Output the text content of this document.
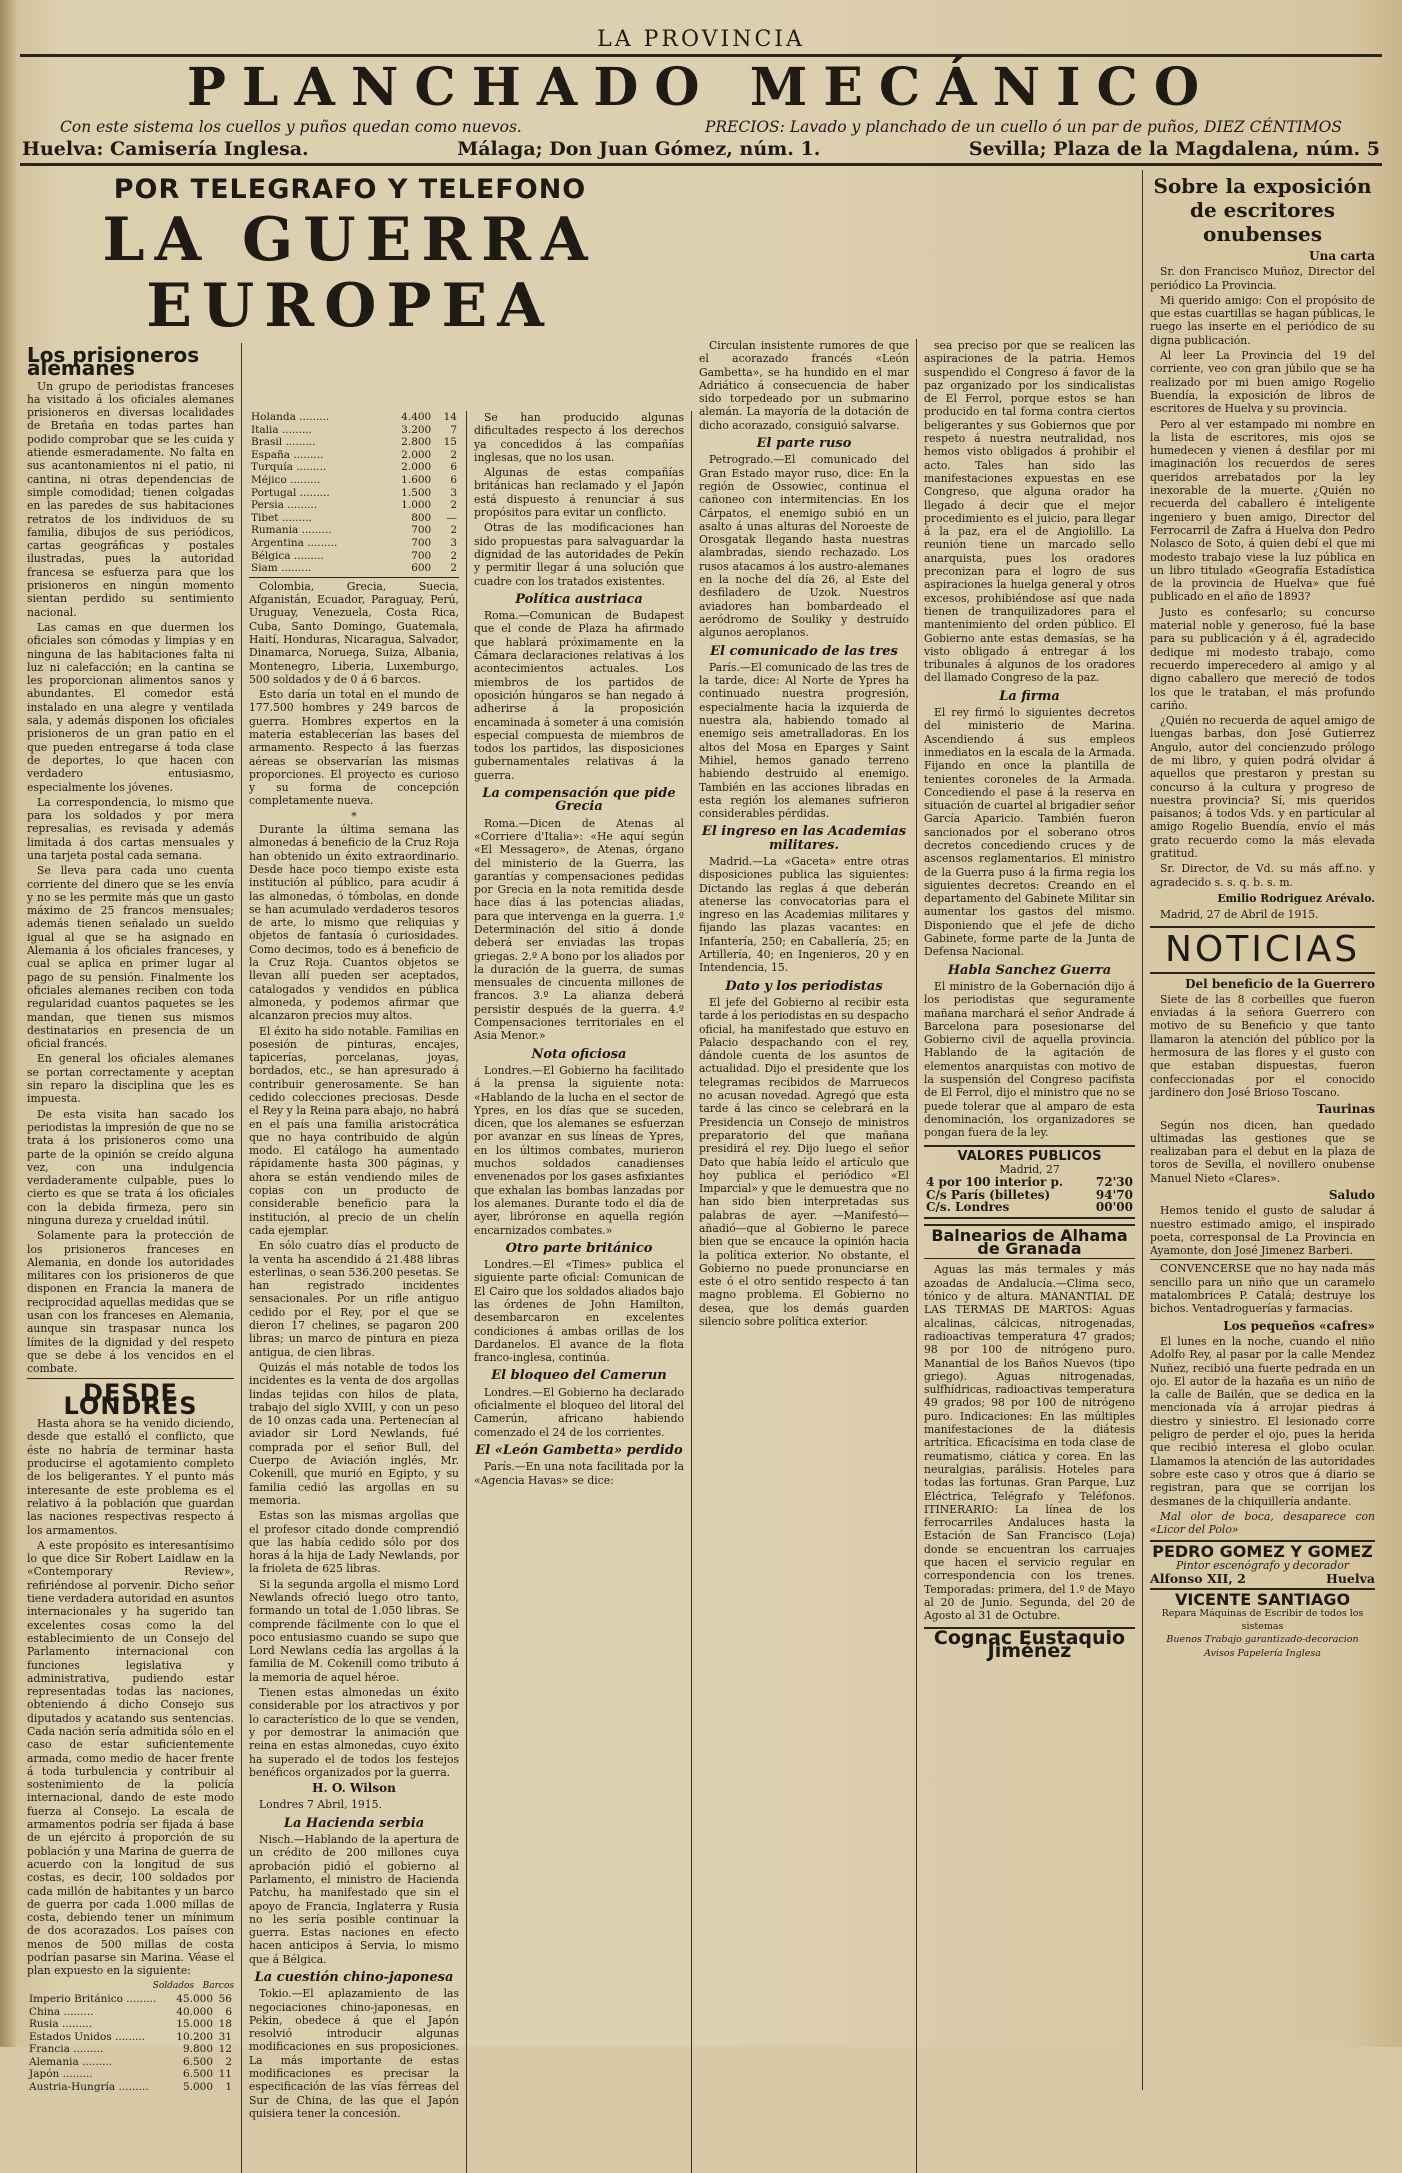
LA PROVINCIA

PLANCHADO MECÁNICO

Con este sistema los cuellos y puños quedan como nuevos.	PRECIOS: Lavado y planchado de un cuello ó un par de puños, DIEZ CÉNTIMOS
Huelva: Camisería Inglesa.	Málaga; Don Juan Gómez, núm. 1.	Sevilla; Plaza de la Magdalena, núm. 5
POR TELEGRAFO Y TELEFONO
LA GUERRA EUROPEA
Los prisioneros alemanes

Un grupo de periodistas franceses ha visitado á los oficiales alemanes prisioneros en diversas localidades de Bretaña en todas partes han podido comprobar que se les cuida y atiende esmeradamente. No falta en sus acantonamientos ni el patio, ni cantina, ni otras dependencias de simple comodidad; tienen colgadas en las paredes de sus habitaciones retratos de los individuos de su familia, dibujos de sus periódicos, cartas geográficas y postales ilustradas, pues la autoridad francesa se esfuerza para que los prisioneros en ningún momento sientan perdido su sentimiento nacional.

Las camas en que duermen los oficiales son cómodas y limpias y en ninguna de las habitaciones falta ni luz ni calefacción; en la cantina se les proporcionan alimentos sanos y abundantes. El comedor está instalado en una alegre y ventilada sala, y además disponen los oficiales prisioneros de un gran patio en el que pueden entregarse á toda clase de deportes, lo que hacen con verdadero entusiasmo, especialmente los jóvenes.

La correspondencia, lo mismo que para los soldados y por mera represalias, es revisada y además limitada á dos cartas mensuales y una tarjeta postal cada semana.

Se lleva para cada uno cuenta corriente del dinero que se les envía y no se les permite más que un gasto máximo de 25 francos mensuales; además tienen señalado un sueldo igual al que se ha asignado en Alemania á los oficiales franceses, y cual se aplica en primer lugar al pago de su pensión. Finalmente los oficiales alemanes reciben con toda regularidad cuantos paquetes se les mandan, que tienen sus mismos destinatarios en presencia de un oficial francés.

En general los oficiales alemanes se portan correctamente y aceptan sin reparo la disciplina que les es impuesta.

De esta visita han sacado los periodistas la impresión de que no se trata á los prisioneros como una parte de la opinión se creído alguna vez, con una indulgencia verdaderamente culpable, pues lo cierto es que se trata á los oficiales con la debida firmeza, pero sin ninguna dureza y crueldad inútil.

Solamente para la protección de los prisioneros franceses en Alemania, en donde los autoridades militares con los prisioneros de que disponen en Francia la manera de reciprocidad aquellas medidas que se usan con los franceses en Alemania, aunque sin traspasar nunca los límites de la dignidad y del respeto que se debe á los vencidos en el combate.

DESDE LONDRES

Hasta ahora se ha venido diciendo, desde que estalló el conflicto, que éste no habría de terminar hasta producirse el agotamiento completo de los beligerantes. Y el punto más interesante de este problema es el relativo á la población que guardan las naciones respectivas respecto á los armamentos.

A este propósito es interesantísimo lo que dice Sir Robert Laidlaw en la «Contemporary Review», refiriéndose al porvenir. Dicho señor tiene verdadera autoridad en asuntos internacionales y ha sugerido tan excelentes cosas como la del establecimiento de un Consejo del Parlamento internacional con funciones legislativa y administrativa, pudiendo estar representadas todas las naciones, obteniendo á dicho Consejo sus diputados y acatando sus sentencias. Cada nación sería admitida sólo en el caso de estar suficientemente armada, como medio de hacer frente á toda turbulencia y contribuir al sostenimiento de la policía internacional, dando de este modo fuerza al Consejo. La escala de armamentos podría ser fijada á base de un ejército á proporción de su población y una Marina de guerra de acuerdo con la longitud de sus costas, es decir, 100 soldados por cada millón de habitantes y un barco de guerra por cada 1.000 millas de costa, debiendo tener un mínimum de dos acorazados. Los países con menos de 500 millas de costa podrían pasarse sin Marina. Véase el plan expuesto en la siguiente:

Soldados Barcos
Imperio Británico .........	45.000	56
China .........	40.000	6
Rusia .........	15.000	18
Estados Unidos .........	10.200	31
Francia .........	9.800	12
Alemania .........	6.500	2
Japón .........	6.500	11
Austria-Hungría .........	5.000	1
Holanda .........	4.400	14
Italia .........	3.200	7
Brasil .........	2.800	15
España .........	2.000	2
Turquía .........	2.000	6
Méjico .........	1.600	6
Portugal .........	1.500	3
Persia .........	1.000	2
Tibet .........	800	—
Rumania .........	700	2
Argentina .........	700	3
Bélgica .........	700	2
Siam .........	600	2

Colombia, Grecia, Suecia, Afganistán, Ecuador, Paraguay, Perú, Uruguay, Venezuela, Costa Rica, Cuba, Santo Domingo, Guatemala, Haití, Honduras, Nicaragua, Salvador, Dinamarca, Noruega, Suiza, Albania, Montenegro, Liberia, Luxemburgo, 500 soldados y de 0 á 6 barcos.

Esto daría un total en el mundo de 177.500 hombres y 249 barcos de guerra. Hombres expertos en la materia establecerían las bases del armamento. Respecto á las fuerzas aéreas se observarían las mismas proporciones. El proyecto es curioso y su forma de concepción completamente nueva.

*

Durante la última semana las almonedas á beneficio de la Cruz Roja han obtenido un éxito extraordinario. Desde hace poco tiempo existe esta institución al público, para acudir á las almonedas, ó tómbolas, en donde se han acumulado verdaderos tesoros de arte, lo mismo que reliquias y objetos de fantasía ó curiosidades. Como decimos, todo es á beneficio de la Cruz Roja. Cuantos objetos se llevan allí pueden ser aceptados, catalogados y vendidos en pública almoneda, y podemos afirmar que alcanzaron precios muy altos.

El éxito ha sido notable. Familias en posesión de pinturas, encajes, tapicerías, porcelanas, joyas, bordados, etc., se han apresurado á contribuir generosamente. Se han cedido colecciones preciosas. Desde el Rey y la Reina para abajo, no habrá en el país una familia aristocrática que no haya contribuido de algún modo. El catálogo ha aumentado rápidamente hasta 300 páginas, y ahora se están vendiendo miles de copias con un producto de considerable beneficio para la institución, al precio de un chelín cada ejemplar.

En sólo cuatro días el producto de la venta ha ascendido á 21.488 libras esterlinas, o sean 536.200 pesetas. Se han registrado incidentes sensacionales. Por un rifle antiguo cedido por el Rey, por el que se dieron 17 chelines, se pagaron 200 libras; un marco de pintura en pieza antigua, de cien libras.

Quizás el más notable de todos los incidentes es la venta de dos argollas lindas tejidas con hilos de plata, trabajo del siglo XVIII, y con un peso de 10 onzas cada una. Pertenecían al aviador sir Lord Newlands, fué comprada por el señor Bull, del Cuerpo de Aviación inglés, Mr. Cokenill, que murió en Egipto, y su familia cedió las argollas en su memoria.

Estas son las mismas argollas que el profesor citado donde comprendió que las había cedido sólo por dos horas á la hija de Lady Newlands, por la frioleta de 625 libras.

Si la segunda argolla el mismo Lord Newlands ofreció luego otro tanto, formando un total de 1.050 libras. Se comprende fácilmente con lo que el poco entusiasmo cuando se supo que Lord Newlans cedía las argollas á la familia de M. Cokenill como tributo á la memoria de aquel héroe.

Tienen estas almonedas un éxito considerable por los atractivos y por lo característico de lo que se venden, y por demostrar la animación que reina en estas almonedas, cuyo éxito ha superado el de todos los festejos benéficos organizados por la guerra.

H. O. Wilson

Londres 7 Abril, 1915.

La Hacienda serbia

Nisch.—Hablando de la apertura de un crédito de 200 millones cuya aprobación pidió el gobierno al Parlamento, el ministro de Hacienda Patchu, ha manifestado que sin el apoyo de Francia, Inglaterra y Rusia no les sería posible continuar la guerra. Estas naciones en efecto hacen anticipos á Servia, lo mismo que á Bélgica.

La cuestión chino-japonesa

Tokio.—El aplazamiento de las negociaciones chino-japonesas, en Pekin, obedece á que el Japón resolvió introducir algunas modificaciones en sus proposiciones. La más importante de estas modificaciones es precisar la especificación de las vías férreas del Sur de China, de las que el Japón quisiera tener la concesión.

Se han producido algunas dificultades respecto á los derechos ya concedidos á las compañías inglesas, que no los usan.

Algunas de estas compañías británicas han reclamado y el Japón está dispuesto á renunciar á sus propósitos para evitar un conflicto.

Otras de las modificaciones han sido propuestas para salvaguardar la dignidad de las autoridades de Pekín y permitir llegar á una solución que cuadre con los tratados existentes.

Política austriaca

Roma.—Comunican de Budapest que el conde de Plaza ha afirmado que hablará próximamente en la Cámara declaraciones relativas á los acontecimientos actuales. Los miembros de los partidos de oposición húngaros se han negado á adherirse á la proposición encaminada á someter á una comisión especial compuesta de miembros de todos los partidos, las disposiciones gubernamentales relativas á la guerra.

La compensación que pide Grecia

Roma.—Dicen de Atenas al «Corriere d'Italia»: «He aquí según «El Messagero», de Atenas, órgano del ministerio de la Guerra, las garantías y compensaciones pedidas por Grecia en la nota remitida desde hace días á las potencias aliadas, para que intervenga en la guerra. 1.º Determinación del sitio á donde deberá ser enviadas las tropas griegas. 2.º A bono por los aliados por la duración de la guerra, de sumas mensuales de cincuenta millones de francos. 3.º La alianza deberá persistir después de la guerra. 4.º Compensaciones territoriales en el Asia Menor.»

Nota oficiosa

Londres.—El Gobierno ha facilitado á la prensa la siguiente nota: «Hablando de la lucha en el sector de Ypres, en los días que se suceden, dicen, que los alemanes se esfuerzan por avanzar en sus líneas de Ypres, en los últimos combates, murieron muchos soldados canadienses envenenados por los gases asfixiantes que exhalan las bombas lanzadas por los alemanes. Durante todo el día de ayer, libróronse en aquella región encarnizados combates.»

Otro parte británico

Londres.—El «Times» publica el siguiente parte oficial: Comunican de El Cairo que los soldados aliados bajo las órdenes de John Hamilton, desembarcaron en excelentes condiciones á ambas orillas de los Dardanelos. El avance de la flota franco-inglesa, continúa.

El bloqueo del Camerun

Londres.—El Gobierno ha declarado oficialmente el bloqueo del litoral del Camerún, africano habiendo comenzado el 24 de los corrientes.

El «León Gambetta» perdido

París.—En una nota facilitada por la «Agencia Havas» se dice:

Circulan insistente rumores de que el acorazado francés «León Gambetta», se ha hundido en el mar Adriático á consecuencia de haber sido torpedeado por un submarino alemán. La mayoría de la dotación de dicho acorazado, consiguió salvarse.

El parte ruso

Petrogrado.—El comunicado del Gran Estado mayor ruso, dice: En la región de Ossowiec, continua el cañoneo con intermitencias. En los Cárpatos, el enemigo subió en un asalto á unas alturas del Noroeste de Orosgatak llegando hasta nuestras alambradas, siendo rechazado. Los rusos atacamos á los austro-alemanes en la noche del día 26, al Este del desfiladero de Uzok. Nuestros aviadores han bombardeado el aeródromo de Souliky y destruído algunos aeroplanos.

El comunicado de las tres

París.—El comunicado de las tres de la tarde, dice: Al Norte de Ypres ha continuado nuestra progresión, especialmente hacia la izquierda de nuestra ala, habiendo tomado al enemigo seis ametralladoras. En los altos del Mosa en Eparges y Saint Mihiel, hemos ganado terreno habiendo destruido al enemigo. También en las acciones libradas en esta región los alemanes sufrieron considerables pérdidas.

El ingreso en las Academias militares.

Madrid.—La «Gaceta» entre otras disposiciones publica las siguientes: Dictando las reglas á que deberán atenerse las convocatorias para el ingreso en las Academias militares y fijando las plazas vacantes: en Infantería, 250; en Caballería, 25; en Artillería, 40; en Ingenieros, 20 y en Intendencia, 15.

Dato y los periodistas

El jefe del Gobierno al recibir esta tarde á los periodistas en su despacho oficial, ha manifestado que estuvo en Palacio despachando con el rey, dándole cuenta de los asuntos de actualidad. Dijo el presidente que los telegramas recibidos de Marruecos no acusan novedad. Agregó que esta tarde á las cinco se celebrará en la Presidencia un Consejo de ministros preparatorio del que mañana presidirá el rey. Dijo luego el señor Dato que había leído el artículo que hoy publica el periódico «El Imparcial» y que le demuestra que no han sido bien interpretadas sus palabras de ayer. —Manifestó—añadió—que al Gobierno le parece bien que se encauce la opinión hacia la política exterior. No obstante, el Gobierno no puede pronunciarse en este ó el otro sentido respecto á tan magno problema. El Gobierno no desea, que los demás guarden silencio sobre política exterior.

sea preciso por que se realicen las aspiraciones de la patria. Hemos suspendido el Congreso á favor de la paz organizado por los sindicalistas de El Ferrol, porque estos se han producido en tal forma contra ciertos beligerantes y sus Gobiernos que por respeto á nuestra neutralidad, nos hemos visto obligados á prohibir el acto. Tales han sido las manifestaciones expuestas en ese Congreso, que alguna orador ha llegado á decir que el mejor procedimiento es el juicio, para llegar á la paz, era el de Angiolillo. La reunión tiene un marcado sello anarquista, pues los oradores preconizan para el logro de sus aspiraciones la huelga general y otros excesos, prohibiéndose así que nada tienen de tranquilizadores para el mantenimiento del orden público. El Gobierno ante estas demasías, se ha visto obligado á entregar á los tribunales á algunos de los oradores del llamado Congreso de la paz.

La firma

El rey firmó lo siguientes decretos del ministerio de Marina. Ascendiendo á sus empleos inmediatos en la escala de la Armada. Fijando en once la plantilla de tenientes coroneles de la Armada. Concediendo el pase á la reserva en situación de cuartel al brigadier señor García Aparicio. También fueron sancionados por el soberano otros decretos concediendo cruces y de ascensos reglamentarios. El ministro de la Guerra puso á la firma regia los siguientes decretos: Creando en el departamento del Gabinete Militar sin aumentar los gastos del mismo. Disponiendo que el jefe de dicho Gabinete, forme parte de la Junta de Defensa Nacional.

Habla Sanchez Guerra

El ministro de la Gobernación dijo á los periodistas que seguramente mañana marchará el señor Andrade á Barcelona para posesionarse del Gobierno civil de aquella provincia. Hablando de la agitación de elementos anarquistas con motivo de la suspensión del Congreso pacifista de El Ferrol, dijo el ministro que no se puede tolerar que al amparo de esta denominación, los organizadores se pongan fuera de la ley.

VALORES PUBLICOS
Madrid, 27
4 por 100 interior p.	72'30
C/s París (billetes)	94'70
C/s. Londres	00'00
Balnearios de Alhama de Granada

Aguas las más termales y más azoadas de Andalucía.—Clima seco, tónico y de altura. MANANTIAL DE LAS TERMAS DE MARTOS: Aguas alcalinas, cálcicas, nitrogenadas, radioactivas temperatura 47 grados; 98 por 100 de nitrógeno puro. Manantial de los Baños Nuevos (tipo griego). Aguas nitrogenadas, sulfhídricas, radioactivas temperatura 49 grados; 98 por 100 de nitrógeno puro. Indicaciones: En las múltiples manifestaciones de la diátesis artrítica. Eficacísima en toda clase de reumatismo, ciática y corea. En las neuralgias, parálisis. Hoteles para todas las fortunas. Gran Parque, Luz Eléctrica, Telégrafo y Teléfonos. ITINERARIO: La línea de los ferrocarriles Andaluces hasta la Estación de San Francisco (Loja) donde se encuentran los carruajes que hacen el servicio regular en correspondencia con los trenes. Temporadas: primera, del 1.º de Mayo al 20 de Junio. Segunda, del 20 de Agosto al 31 de Octubre.

Cognac Eustaquio Jiménez
Sobre la exposición de escritores onubenses
Una carta

Sr. don Francisco Muñoz, Director del periódico La Provincia.

Mi querido amigo: Con el propósito de que estas cuartillas se hagan públicas, le ruego las inserte en el periódico de su digna publicación.

Al leer La Provincia del 19 del corriente, veo con gran júbilo que se ha realizado por mi buen amigo Rogelio Buendía, la exposición de libros de escritores de Huelva y su provincia.

Pero al ver estampado mi nombre en la lista de escritores, mis ojos se humedecen y vienen á desfilar por mi imaginación los recuerdos de seres queridos arrebatados por la ley inexorable de la muerte. ¿Quién no recuerda del caballero é inteligente ingeniero y buen amigo, Director del Ferrocarril de Zafra á Huelva don Pedro Nolasco de Soto, á quien debí el que mi modesto trabajo viese la luz pública en un libro titulado «Geografía Estadística de la provincia de Huelva» que fué publicado en el año de 1893?

Justo es confesarlo; su concurso material noble y generoso, fué la base para su publicación y á él, agradecido dedique mi modesto trabajo, como recuerdo imperecedero al amigo y al digno caballero que mereció de todos los que le trataban, el más profundo cariño.

¿Quién no recuerda de aquel amigo de luengas barbas, don José Gutierrez Angulo, autor del concienzudo prólogo de mi libro, y quien podrá olvidar á aquellos que prestaron y prestan su concurso á la cultura y progreso de nuestra provincia? Sí, mis queridos paisanos; á todos Vds. y en particular al amigo Rogelio Buendía, envío el más grato recuerdo como la más elevada gratitud.

Sr. Director, de Vd. su más aff.no. y agradecido s. s. q. b. s. m.

Emilio Rodriguez Arévalo.

Madrid, 27 de Abril de 1915.

NOTICIAS
Del beneficio de la Guerrero

Siete de las 8 corbeilles que fueron enviadas á la señora Guerrero con motivo de su Beneficio y que tanto llamaron la atención del público por la hermosura de las flores y el gusto con que estaban dispuestas, fueron confeccionadas por el conocido jardinero don José Brioso Toscano.

Taurinas

Según nos dicen, han quedado ultimadas las gestiones que se realizaban para el debut en la plaza de toros de Sevilla, el novillero onubense Manuel Nieto «Clares».

Saludo

Hemos tenido el gusto de saludar á nuestro estimado amigo, el inspirado poeta, corresponsal de La Provincia en Ayamonte, don José Jimenez Barberi.

CONVENCERSE que no hay nada más sencillo para un niño que un caramelo matalombrices P. Catalá; destruye los bichos. Ventadroguerías y farmacias.

Los pequeños «cafres»

El lunes en la noche, cuando el niño Adolfo Rey, al pasar por la calle Mendez Nuñez, recibió una fuerte pedrada en un ojo. El autor de la hazaña es un niño de la calle de Bailén, que se dedica en la mencionada vía á arrojar piedras á diestro y siniestro. El lesionado corre peligro de perder el ojo, pues la herida que recibió interesa el globo ocular. Llamamos la atención de las autoridades sobre este caso y otros que á diario se registran, para que se corrijan los desmanes de la chiquillería andante.

Mal olor de boca, desaparece con «Licor del Polo»

PEDRO GOMEZ Y GOMEZ
Pintor escenógrafo y decorador
Alfonso XII, 2	Huelva
VICENTE SANTIAGO
Repara Máquinas de Escribir de todos los sistemas
Buenos Trabajo garantizado-decoracion
Avisos Papelería Inglesa
